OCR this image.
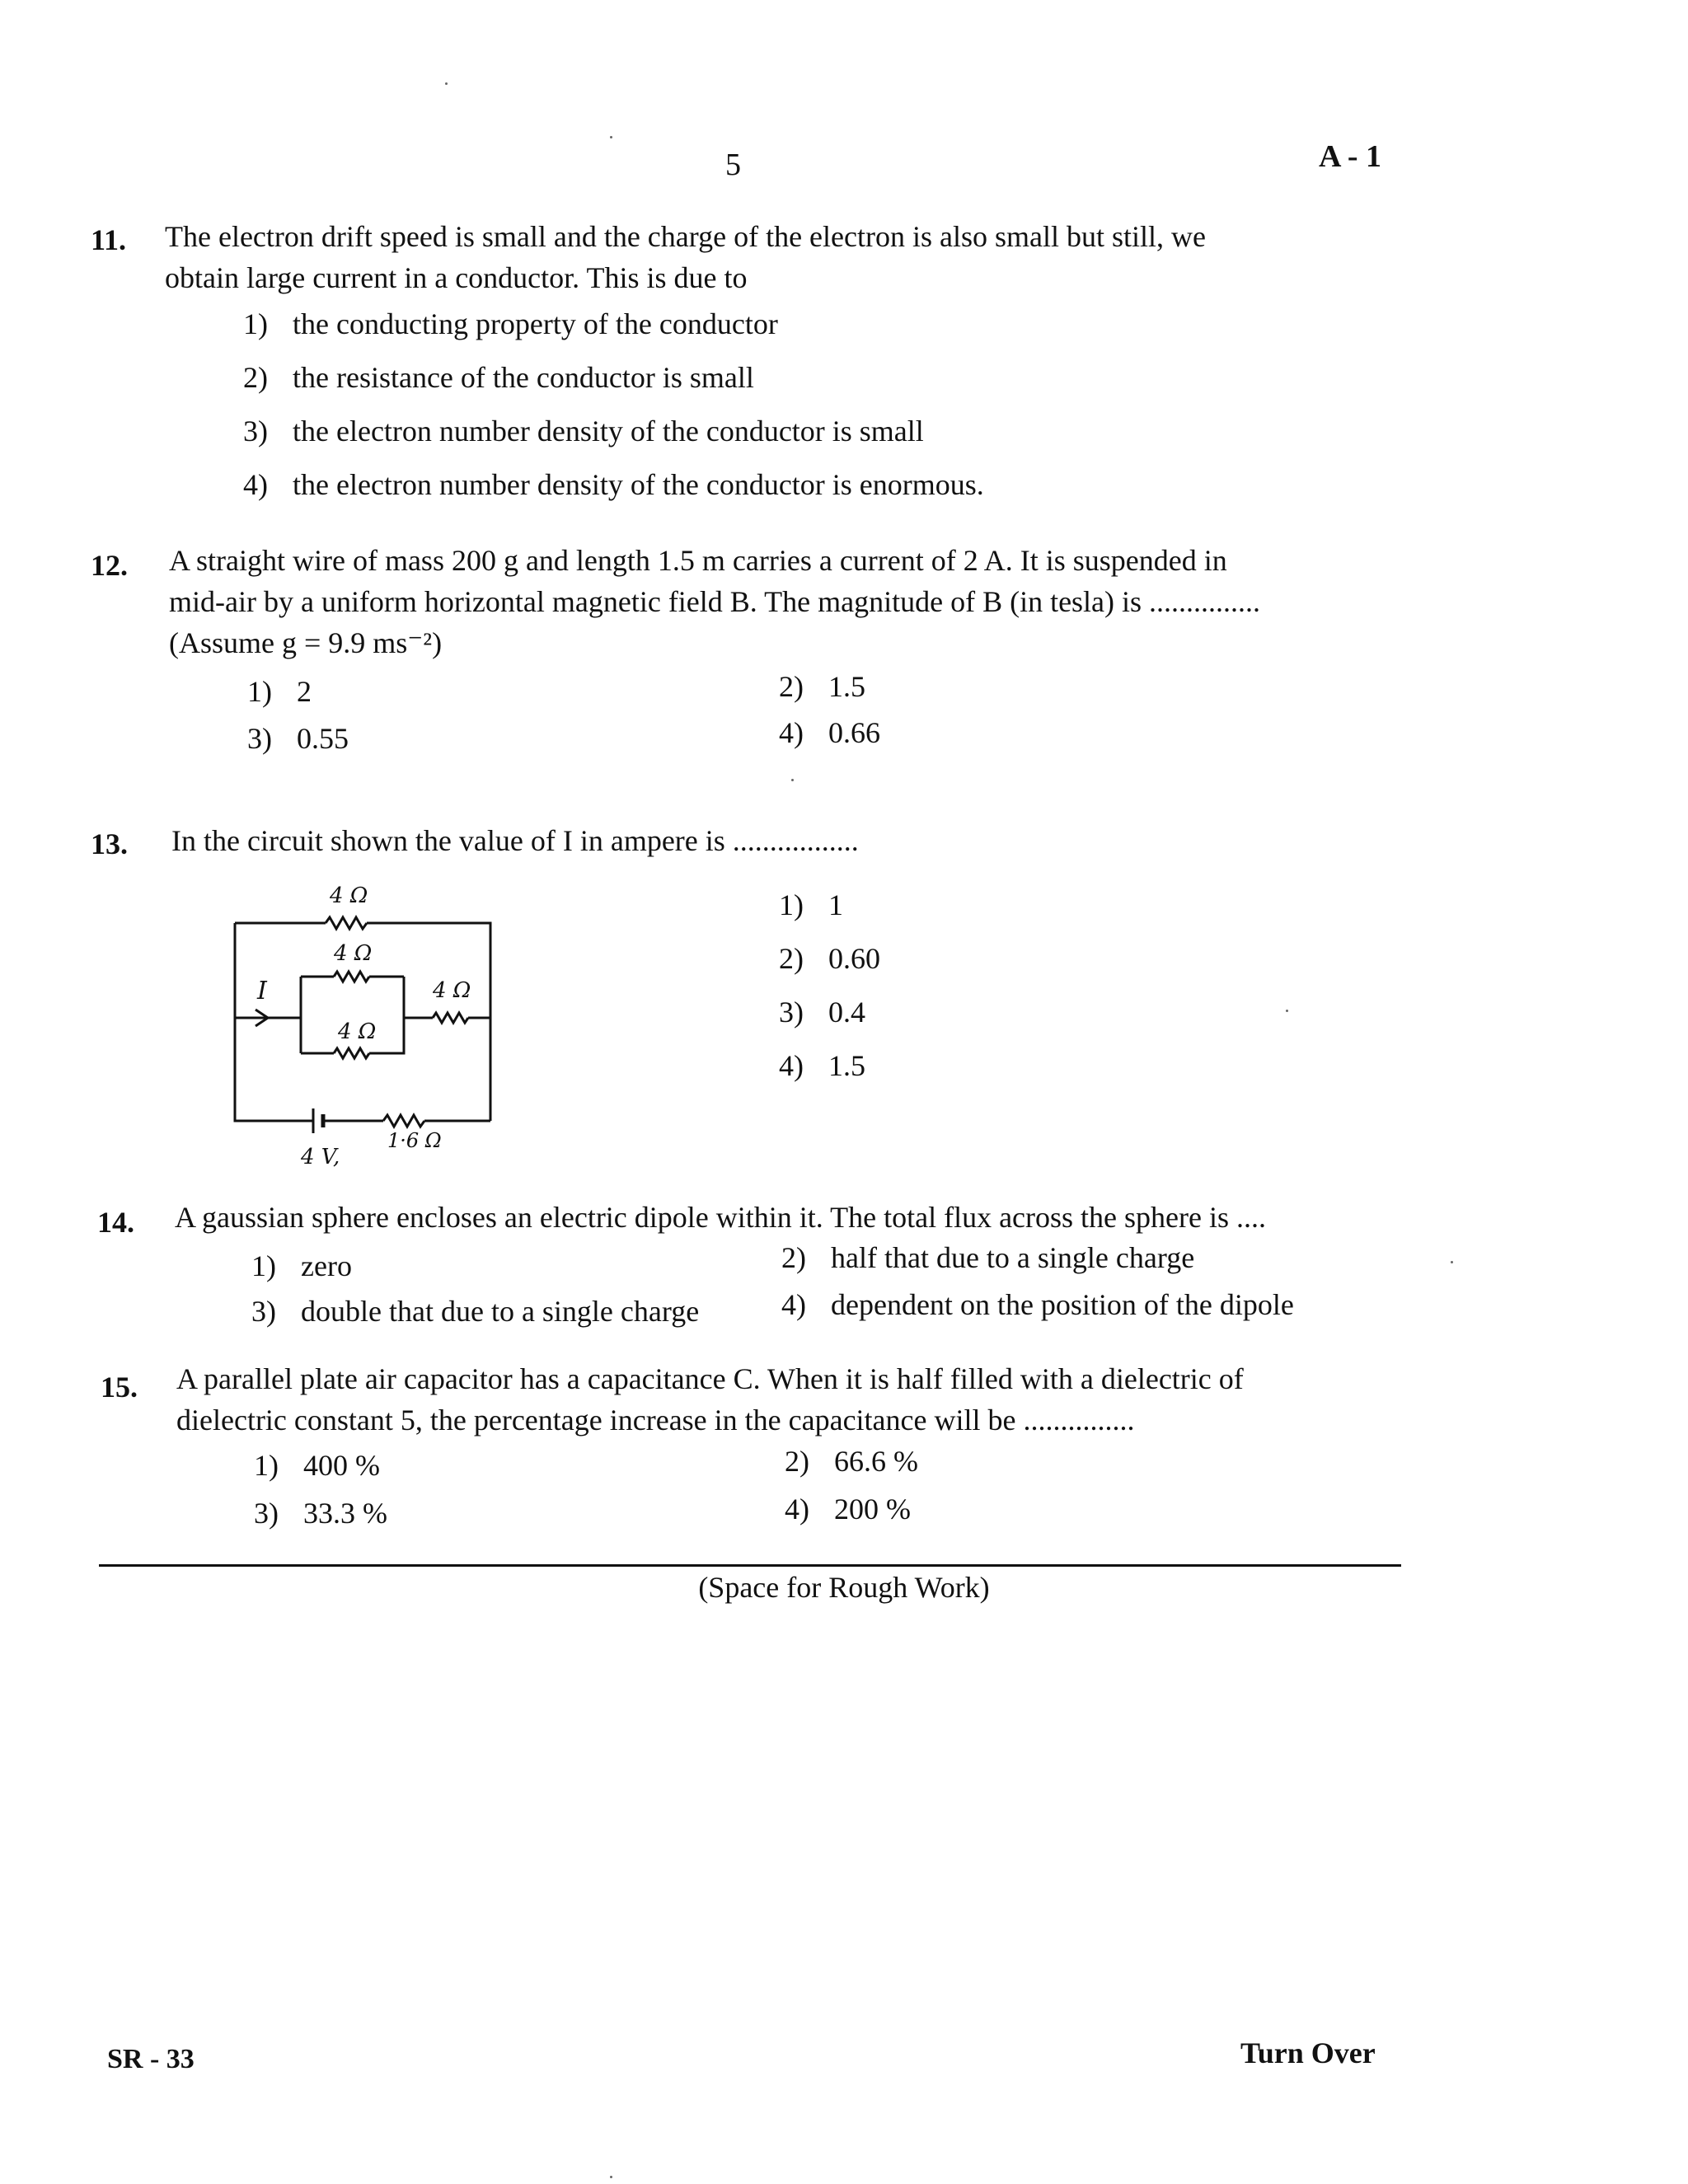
5	A - 1
11. The electron drift speed is small and the charge of the electron is also small but still, we
obtain large current in a conductor. This is due to
1) the conducting property of the conductor
2) the resistance of the conductor is small
3) the electron number density of the conductor is small
4) the electron number density of the conductor is enormous.
12. A straight wire of mass 200 g and length 1.5 m carries a current of 2 A. It is suspended in
mid-air by a uniform horizontal magnetic field B. The magnitude of B (in tesla) is ...............
(Assume g = 9.9 ms⁻²)
1) 2	2) 1.5
3) 0.55	4) 0.66
13. In the circuit shown the value of I in ampere is .................
4 Ω
4 Ω
4 Ω
4 Ω
I
4 V,
1·6 Ω
1) 1
2) 0.60
3) 0.4
4) 1.5
14. A gaussian sphere encloses an electric dipole within it. The total flux across the sphere is ....
1) zero	2) half that due to a single charge
3) double that due to a single charge	4) dependent on the position of the dipole
15. A parallel plate air capacitor has a capacitance C. When it is half filled with a dielectric of
dielectric constant 5, the percentage increase in the capacitance will be ...............
1) 400 %	2) 66.6 %
3) 33.3 %	4) 200 %
(Space for Rough Work)
SR - 33	Turn Over
